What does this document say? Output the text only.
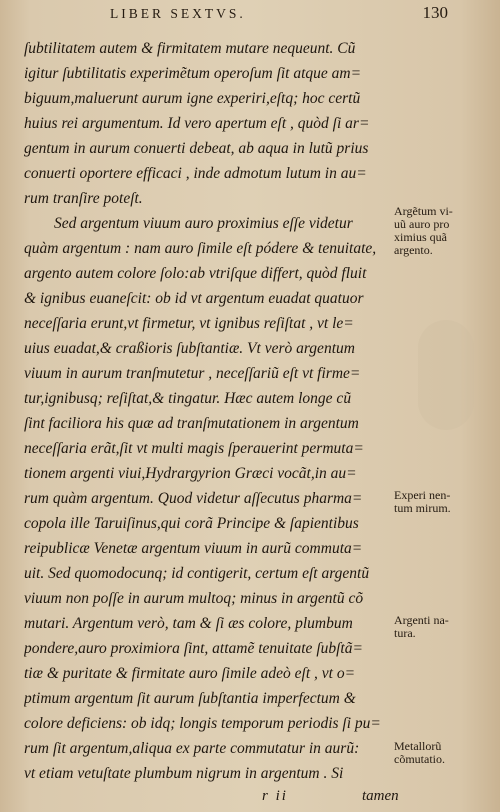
LIBER SEXTVS.	130
ſubtilitatem autem & firmitatem mutare nequeunt. Cũ
igitur ſubtilitatis experimẽtum operoſum ſit atque am=
biguum,maluerunt aurum igne experiri,eſtq; hoc certũ
huius rei argumentum. Id vero apertum eſt , quòd ſi ar=
gentum in aurum conuerti debeat, ab aqua in lutũ prius
conuerti oportere efficaci , inde admotum lutum in au=
rum tranſire poteſt.
Sed argentum viuum auro proximius eſſe videtur
quàm argentum : nam auro ſimile eſt pódere & tenuitate,
argento autem colore ſolo:ab vtriſque differt, quòd fluit
& ignibus euaneſcit: ob id vt argentum euadat quatuor
neceſſaria erunt,vt firmetur, vt ignibus reſiſtat , vt le=
uius euadat,& craßioris ſubſtantiæ. Vt verò argentum
viuum in aurum tranſmutetur , neceſſariũ eſt vt firme=
tur,ignibusq; reſiſtat,& tingatur. Hæc autem longe cũ
ſint faciliora his quæ ad tranſmutationem in argentum
neceſſaria erãt,ſit vt multi magis ſperauerint permuta=
tionem argenti viui,Hydrargyrion Græci vocãt,in au=
rum quàm argentum. Quod videtur aſſecutus pharma=
copola ille Taruiſinus,qui corã Principe & ſapientibus
reipublicæ Venetæ argentum viuum in aurũ commuta=
uit. Sed quomodocunq; id contigerit, certum eſt argentũ
viuum non poſſe in aurum multoq; minus in argentũ cõ
mutari. Argentum verò, tam & ſi æs colore, plumbum
pondere,auro proximiora ſint, attamẽ tenuitate ſubſtã=
tiæ & puritate & firmitate auro ſimile adeò eſt , vt o=
ptimum argentum ſit aurum ſubſtantia imperfectum &
colore deficiens: ob idq; longis temporum periodis ſi pu=
rum ſit argentum,aliqua ex parte commutatur in aurũ:
vt etiam vetuſtate plumbum nigrum in argentum . Si
Argẽtum vi-
uũ auro pro
ximius quã
argento.
Experi nen-
tum mirum.
Argenti na-
tura.
Metallorũ
cõmutatio.
r ii	tamen
